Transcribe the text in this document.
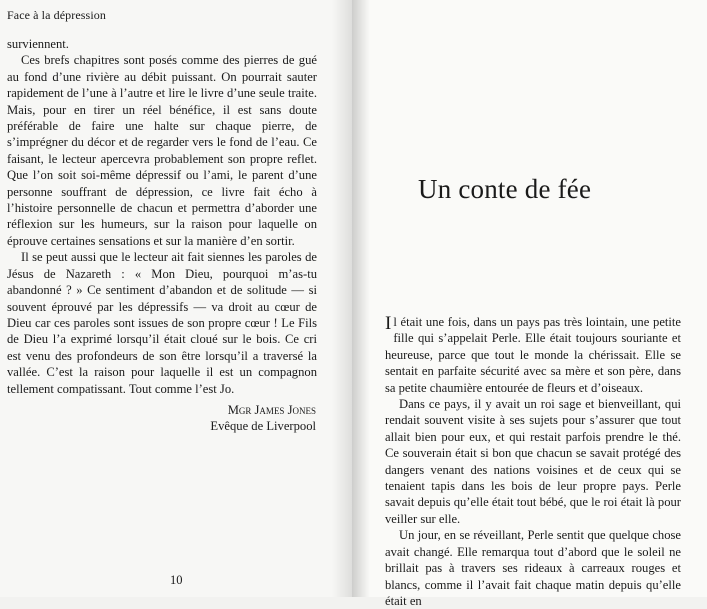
Face à la dépression

surviennent.

Ces brefs chapitres sont posés comme des pierres de gué au fond d’une rivière au débit puissant. On pourrait sauter rapidement de l’une à l’autre et lire le livre d’une seule traite. Mais, pour en tirer un réel bénéfice, il est sans doute préférable de faire une halte sur chaque pierre, de s’imprégner du décor et de regarder vers le fond de l’eau. Ce faisant, le lecteur apercevra probablement son propre reflet. Que l’on soit soi-même dépressif ou l’ami, le parent d’une personne souffrant de dépression, ce livre fait écho à l’histoire personnelle de chacun et permettra d’aborder une réflexion sur les humeurs, sur la raison pour laquelle on éprouve certaines sensations et sur la manière d’en sortir.

Il se peut aussi que le lecteur ait fait siennes les paroles de Jésus de Nazareth : « Mon Dieu, pourquoi m’as-tu abandonné ? » Ce sentiment d’abandon et de solitude — si souvent éprouvé par les dépressifs — va droit au cœur de Dieu car ces paroles sont issues de son propre cœur ! Le Fils de Dieu l’a exprimé lorsqu’il était cloué sur le bois. Ce cri est venu des profondeurs de son être lorsqu’il a traversé la vallée. C’est la raison pour laquelle il est un compagnon tellement compatissant. Tout comme l’est Jo.

Mgr James Jones
Evêque de Liverpool
10
Un conte de fée

Il était une fois, dans un pays pas très lointain, une petite fille qui s’appelait Perle. Elle était toujours souriante et heureuse, parce que tout le monde la chérissait. Elle se sentait en parfaite sécurité avec sa mère et son père, dans sa petite chaumière entourée de fleurs et d’oiseaux.

Dans ce pays, il y avait un roi sage et bienveillant, qui rendait souvent visite à ses sujets pour s’assurer que tout allait bien pour eux, et qui restait parfois prendre le thé. Ce souverain était si bon que chacun se savait protégé des dangers venant des nations voisines et de ceux qui se tenaient tapis dans les bois de leur propre pays. Perle savait depuis qu’elle était tout bébé, que le roi était là pour veiller sur elle.

Un jour, en se réveillant, Perle sentit que quelque chose avait changé. Elle remarqua tout d’abord que le soleil ne brillait pas à travers ses rideaux à carreaux rouges et blancs, comme il l’avait fait chaque matin depuis qu’elle était en
